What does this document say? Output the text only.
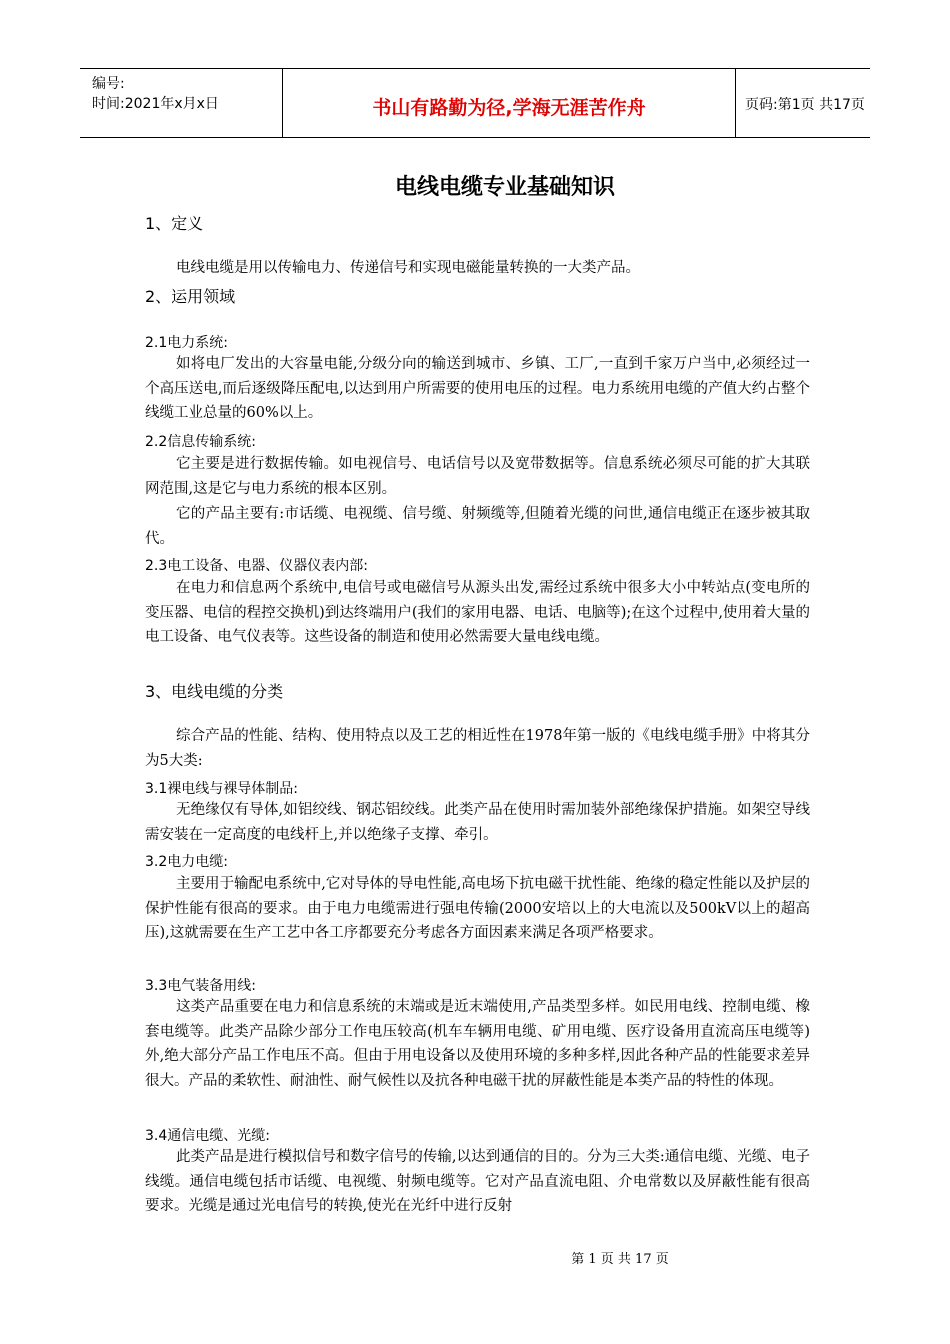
编号:
时间:2021年x月x日	书山有路勤为径,学海无涯苦作舟	页码:第1页 共17页
电线电缆专业基础知识
1、定义
电线电缆是用以传输电力、传递信号和实现电磁能量转换的一大类产品。
2、运用领域
2.1电力系统:
如将电厂发出的大容量电能,分级分向的输送到城市、乡镇、工厂,一直到千家万户当中,必须经过一个高压送电,而后逐级降压配电,以达到用户所需要的使用电压的过程。电力系统用电缆的产值大约占整个线缆工业总量的60%以上。
2.2信息传输系统:
它主要是进行数据传输。如电视信号、电话信号以及宽带数据等。信息系统必须尽可能的扩大其联网范围,这是它与电力系统的根本区别。
它的产品主要有:市话缆、电视缆、信号缆、射频缆等,但随着光缆的问世,通信电缆正在逐步被其取代。
2.3电工设备、电器、仪器仪表内部:
在电力和信息两个系统中,电信号或电磁信号从源头出发,需经过系统中很多大小中转站点(变电所的变压器、电信的程控交换机)到达终端用户(我们的家用电器、电话、电脑等);在这个过程中,使用着大量的电工设备、电气仪表等。这些设备的制造和使用必然需要大量电线电缆。
3、电线电缆的分类
综合产品的性能、结构、使用特点以及工艺的相近性在1978年第一版的《电线电缆手册》中将其分为5大类:
3.1裸电线与裸导体制品:
无绝缘仅有导体,如铝绞线、钢芯铝绞线。此类产品在使用时需加装外部绝缘保护措施。如架空导线需安装在一定高度的电线杆上,并以绝缘子支撑、牵引。
3.2电力电缆:
主要用于输配电系统中,它对导体的导电性能,高电场下抗电磁干扰性能、绝缘的稳定性能以及护层的保护性能有很高的要求。由于电力电缆需进行强电传输(2000安培以上的大电流以及500kV以上的超高压),这就需要在生产工艺中各工序都要充分考虑各方面因素来满足各项严格要求。
3.3电气装备用线:
这类产品重要在电力和信息系统的末端或是近末端使用,产品类型多样。如民用电线、控制电缆、橡套电缆等。此类产品除少部分工作电压较高(机车车辆用电缆、矿用电缆、医疗设备用直流高压电缆等)外,绝大部分产品工作电压不高。但由于用电设备以及使用环境的多种多样,因此各种产品的性能要求差异很大。产品的柔软性、耐油性、耐气候性以及抗各种电磁干扰的屏蔽性能是本类产品的特性的体现。
3.4通信电缆、光缆:
此类产品是进行模拟信号和数字信号的传输,以达到通信的目的。分为三大类:通信电缆、光缆、电子线缆。通信电缆包括市话缆、电视缆、射频电缆等。它对产品直流电阻、介电常数以及屏蔽性能有很高要求。光缆是通过光电信号的转换,使光在光纤中进行反射
第 1 页 共 17 页
